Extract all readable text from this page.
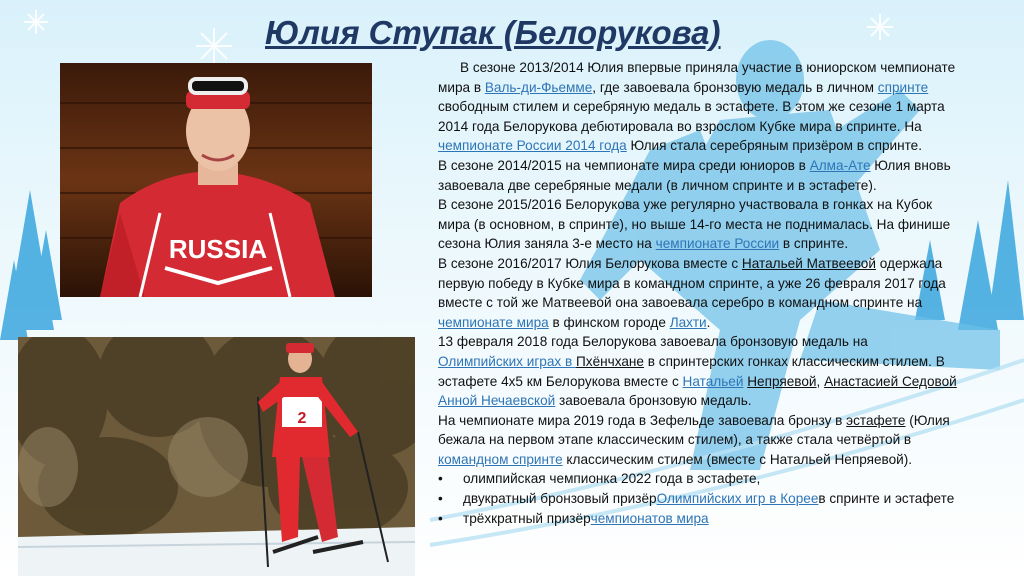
Юлия Ступак (Белорукова)
RUSSIA
2

В сезоне 2013/2014 Юлия впервые приняла участие в юниорском чемпионате

мира в Валь-ди-Фьемме, где завоевала бронзовую медаль в личном спринте

свободным стилем и серебряную медаль в эстафете. В этом же сезоне 1 марта

2014 года Белорукова дебютировала во взрослом Кубке мира в спринте. На

чемпионате России 2014 года Юлия стала серебряным призёром в спринте.

В сезоне 2014/2015 на чемпионате мира среди юниоров в Алма-Ате Юлия вновь

завоевала две серебряные медали (в личном спринте и в эстафете).

В сезоне 2015/2016 Белорукова уже регулярно участвовала в гонках на Кубок

мира (в основном, в спринте), но выше 14-го места не поднималась. На финише

сезона Юлия заняла 3-е место на чемпионате России в спринте.

В сезоне 2016/2017 Юлия Белорукова вместе с Натальей Матвеевой одержала

первую победу в Кубке мира в командном спринте, а уже 26 февраля 2017 года

вместе с той же Матвеевой она завоевала серебро в командном спринте на

чемпионате мира в финском городе Лахти.

13 февраля 2018 года Белорукова завоевала бронзовую медаль на

Олимпийских играх в Пхёнчхане в спринтерских гонках классическим стилем. В

эстафете 4х5 км Белорукова вместе с Натальей Непряевой, Анастасией Седовой

Анной Нечаевской завоевала бронзовую медаль.

На чемпионате мира 2019 года в Зефельде завоевала бронзу в эстафете (Юлия

бежала на первом этапе классическим стилем), а также стала четвёртой в

командном спринте классическим стилем (вместе с Натальей Непряевой).

•	олимпийская чемпионка 2022 года в эстафете,
•	двукратный бронзовый призёр Олимпийских игр в Корее в спринте и эстафете
•	трёхкратный призёр чемпионатов мира
